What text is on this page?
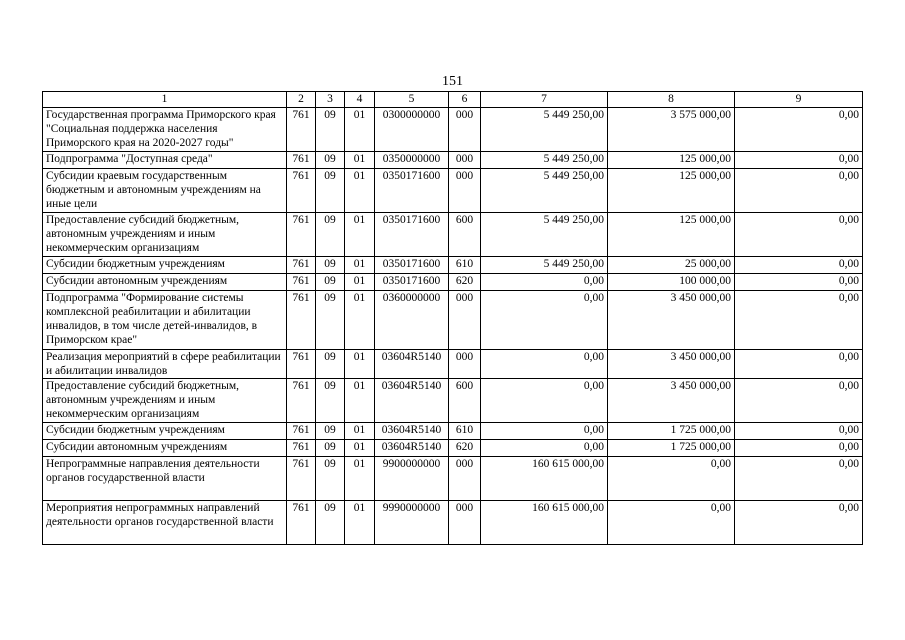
151
1	2	3	4	5	6	7	8	9
Государственная программа Приморского края "Социальная поддержка населения Приморского края на 2020-2027 годы"	761	09	01	0300000000	000	5 449 250,00	3 575 000,00	0,00
Подпрограмма "Доступная среда"	761	09	01	0350000000	000	5 449 250,00	125 000,00	0,00
Субсидии краевым государственным бюджетным и автономным учреждениям на иные цели	761	09	01	0350171600	000	5 449 250,00	125 000,00	0,00
Предоставление субсидий бюджетным, автономным учреждениям и иным некоммерческим организациям	761	09	01	0350171600	600	5 449 250,00	125 000,00	0,00
Субсидии бюджетным учреждениям	761	09	01	0350171600	610	5 449 250,00	25 000,00	0,00
Субсидии автономным учреждениям	761	09	01	0350171600	620	0,00	100 000,00	0,00
Подпрограмма "Формирование системы комплексной реабилитации и абилитации инвалидов, в том числе детей-инвалидов, в Приморском крае"	761	09	01	0360000000	000	0,00	3 450 000,00	0,00
Реализация мероприятий в сфере реабилитации и абилитации инвалидов	761	09	01	03604R5140	000	0,00	3 450 000,00	0,00
Предоставление субсидий бюджетным, автономным учреждениям и иным некоммерческим организациям	761	09	01	03604R5140	600	0,00	3 450 000,00	0,00
Субсидии бюджетным учреждениям	761	09	01	03604R5140	610	0,00	1 725 000,00	0,00
Субсидии автономным учреждениям	761	09	01	03604R5140	620	0,00	1 725 000,00	0,00
Непрограммные направления деятельности органов государственной власти	761	09	01	9900000000	000	160 615 000,00	0,00	0,00
Мероприятия непрограммных направлений деятельности органов государственной власти	761	09	01	9990000000	000	160 615 000,00	0,00	0,00
